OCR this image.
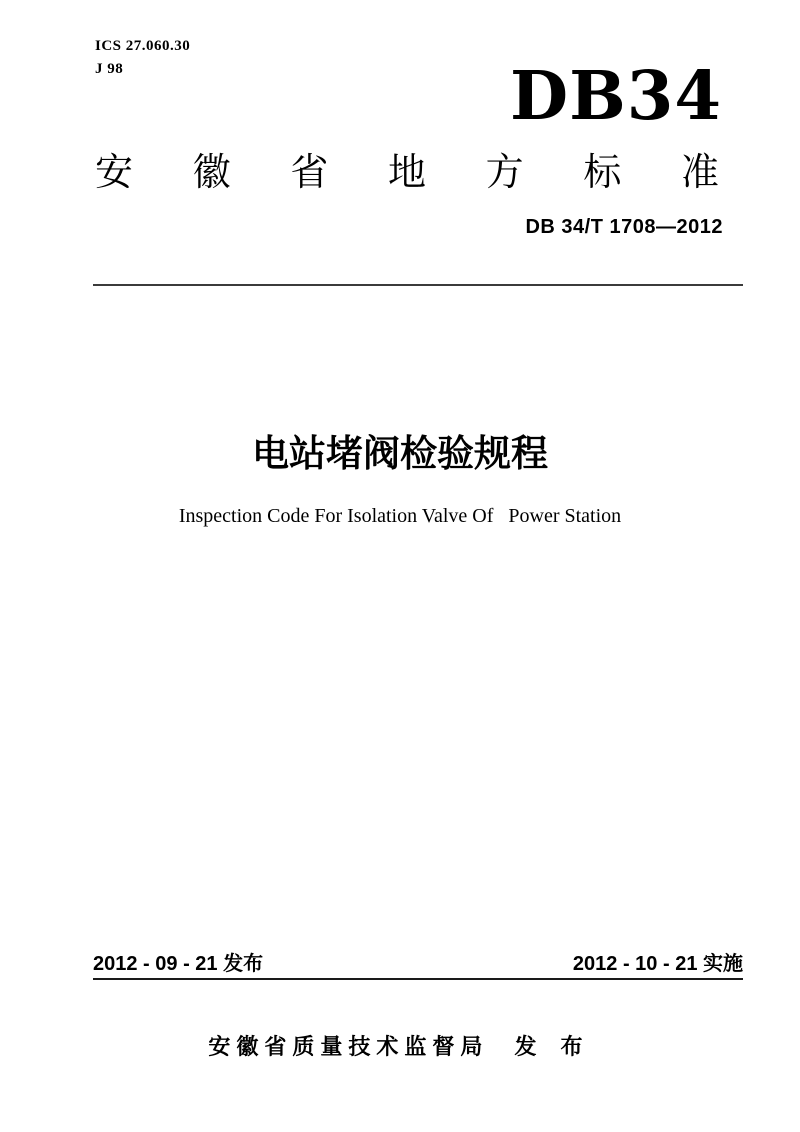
ICS 27.060.30
J 98	DB34
安徽省地方标准
DB 34/T 1708—2012
电站堵阀检验规程
Inspection Code For Isolation Valve Of   Power Station
2012 - 09 - 21 发布	2012 - 10 - 21 实施
安徽省质量技术监督局 发 布
